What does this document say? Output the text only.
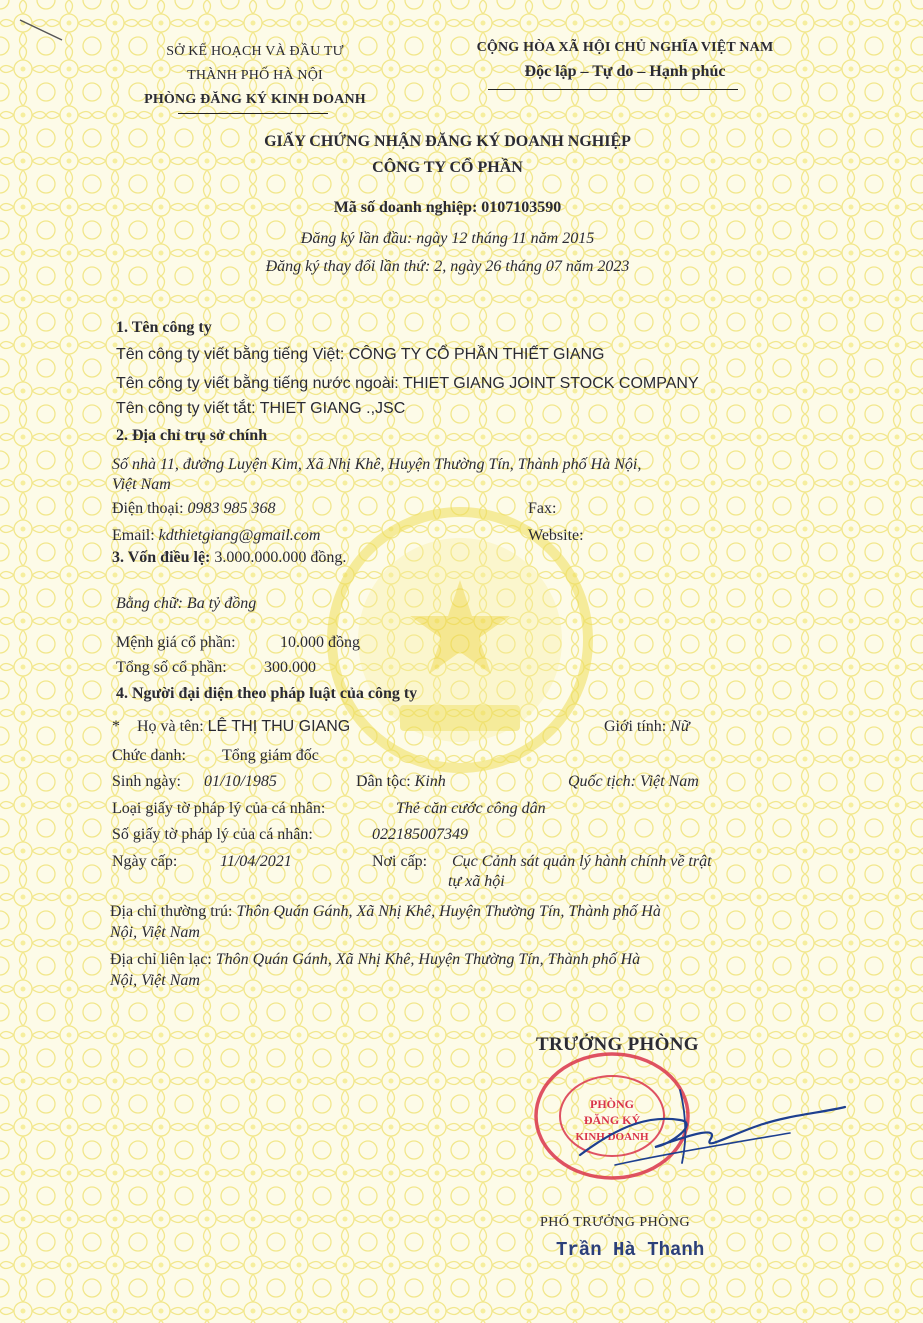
SỞ KẾ HOẠCH VÀ ĐẦU TƯ
THÀNH PHỐ HÀ NỘI
PHÒNG ĐĂNG KÝ KINH DOANH
CỘNG HÒA XÃ HỘI CHỦ NGHĨA VIỆT NAM
Độc lập – Tự do – Hạnh phúc
GIẤY CHỨNG NHẬN ĐĂNG KÝ DOANH NGHIỆP
CÔNG TY CỔ PHẦN
Mã số doanh nghiệp: 0107103590
Đăng ký lần đầu: ngày 12 tháng 11 năm 2015
Đăng ký thay đổi lần thứ: 2, ngày 26 tháng 07 năm 2023
1. Tên công ty
Tên công ty viết bằng tiếng Việt: CÔNG TY CỔ PHẦN THIẾT GIANG
Tên công ty viết bằng tiếng nước ngoài: THIET GIANG JOINT STOCK COMPANY
Tên công ty viết tắt: THIET GIANG .,JSC
2. Địa chỉ trụ sở chính
Số nhà 11, đường Luyện Kim, Xã Nhị Khê, Huyện Thường Tín, Thành phố Hà Nội,
Việt Nam
Điện thoại: 0983 985 368	Fax:
Email: kdthietgiang@gmail.com	Website:
3. Vốn điều lệ: 3.000.000.000 đồng.
Bằng chữ: Ba tỷ đồng
Mệnh giá cổ phần:	10.000 đồng
Tổng số cổ phần: 300.000
4. Người đại diện theo pháp luật của công ty
* Họ và tên: LÊ THỊ THU GIANG	Giới tính: Nữ
Chức danh: Tổng giám đốc
Sinh ngày: 01/10/1985	Dân tộc: Kinh	Quốc tịch: Việt Nam
Loại giấy tờ pháp lý của cá nhân:	Thẻ căn cước công dân
Số giấy tờ pháp lý của cá nhân:	022185007349
Ngày cấp:	11/04/2021	Nơi cấp: Cục Cảnh sát quản lý hành chính về trật
tự xã hội
Địa chỉ thường trú: Thôn Quán Gánh, Xã Nhị Khê, Huyện Thường Tín, Thành phố Hà
Nội, Việt Nam
Địa chỉ liên lạc: Thôn Quán Gánh, Xã Nhị Khê, Huyện Thường Tín, Thành phố Hà
Nội, Việt Nam
TRƯỞNG PHÒNG
PHÒNG
ĐĂNG KÝ
KINH DOANH
PHÓ TRƯỞNG PHÒNG
Trần Hà Thanh
